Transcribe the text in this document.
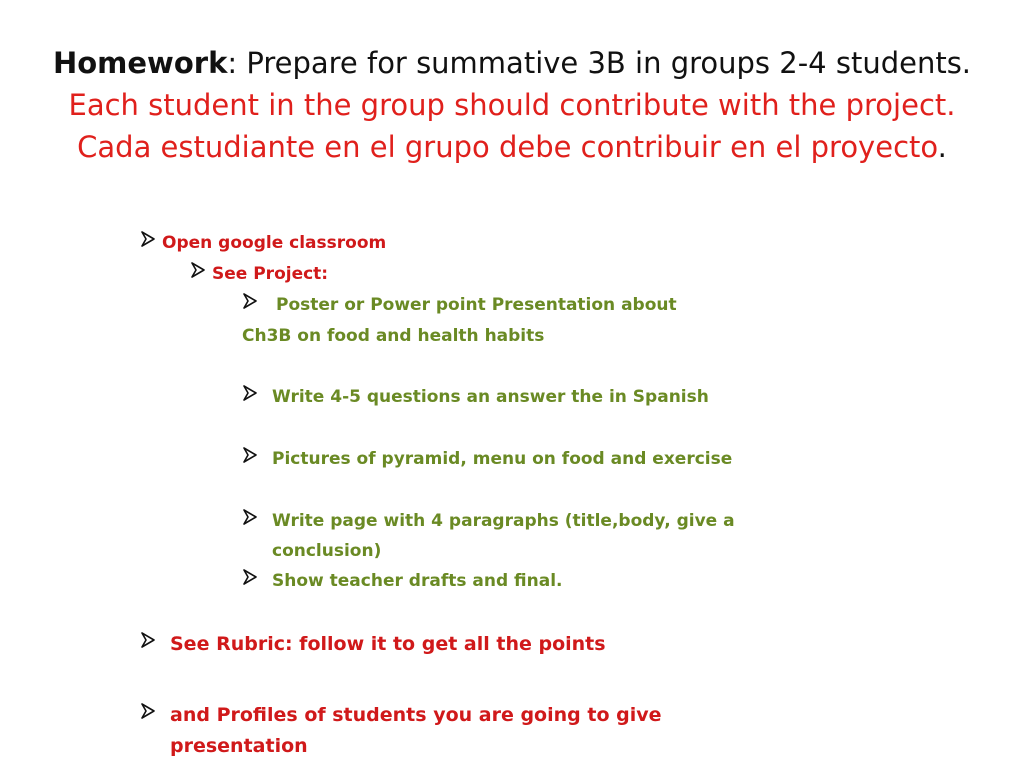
Homework: Prepare for summative 3B in groups 2-4 students.
Each student in the group should contribute with the project.
Cada estudiante en el grupo debe contribuir en el proyecto.
Open google classroom
See Project:
Poster or Power point Presentation about
Ch3B on food and health habits
Write 4-5 questions an answer the in Spanish
Pictures of pyramid, menu on food and exercise
Write page with 4 paragraphs (title,body, give a
conclusion)
Show teacher drafts and final.
See Rubric: follow it to get all the points
and Profiles of students you are going to give
presentation
